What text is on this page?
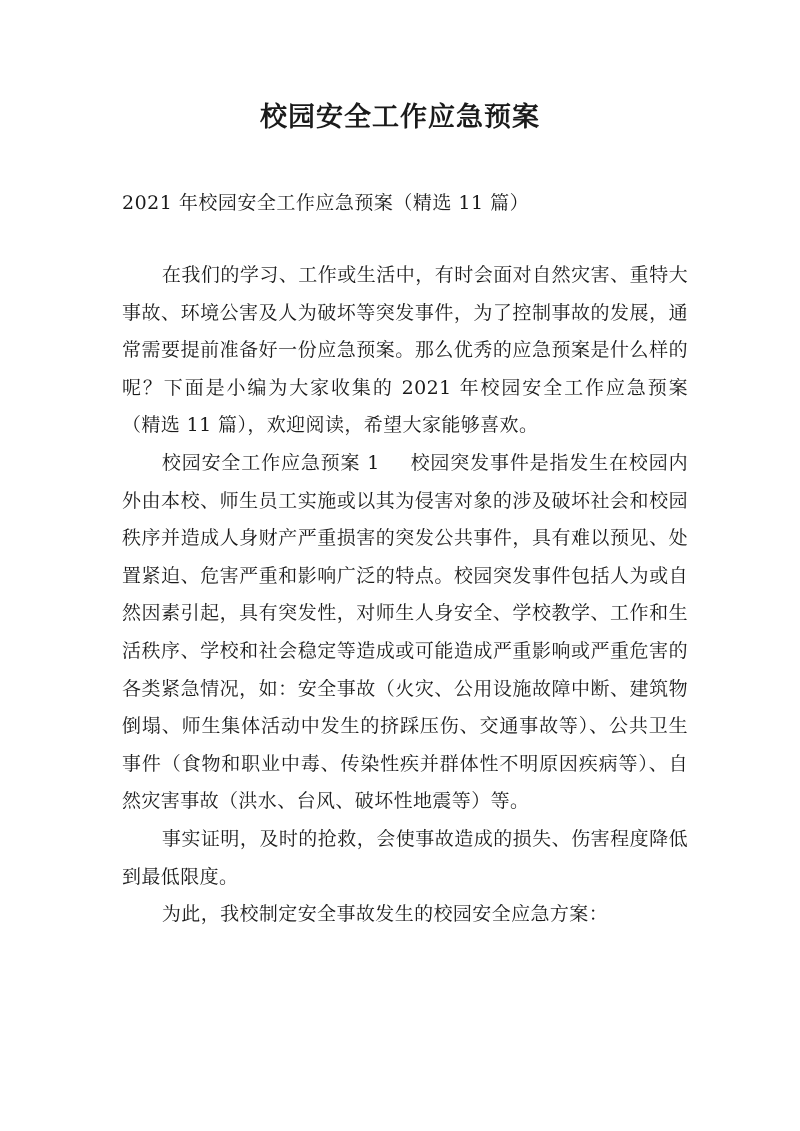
校园安全工作应急预案

2021 年校园安全工作应急预案（精选 11 篇）

在我们的学习、工作或生活中，有时会面对自然灾害、重特大事故、环境公害及人为破坏等突发事件，为了控制事故的发展，通常需要提前准备好一份应急预案。那么优秀的应急预案是什么样的呢？下面是小编为大家收集的 2021 年校园安全工作应急预案（精选 11 篇），欢迎阅读，希望大家能够喜欢。

校园安全工作应急预案 1 校园突发事件是指发生在校园内外由本校、师生员工实施或以其为侵害对象的涉及破坏社会和校园秩序并造成人身财产严重损害的突发公共事件，具有难以预见、处置紧迫、危害严重和影响广泛的特点。校园突发事件包括人为或自然因素引起，具有突发性，对师生人身安全、学校教学、工作和生活秩序、学校和社会稳定等造成或可能造成严重影响或严重危害的各类紧急情况，如：安全事故（火灾、公用设施故障中断、建筑物倒塌、师生集体活动中发生的挤踩压伤、交通事故等）、公共卫生事件（食物和职业中毒、传染性疾并群体性不明原因疾病等）、自然灾害事故（洪水、台风、破坏性地震等）等。

事实证明，及时的抢救，会使事故造成的损失、伤害程度降低到最低限度。

为此，我校制定安全事故发生的校园安全应急方案：
